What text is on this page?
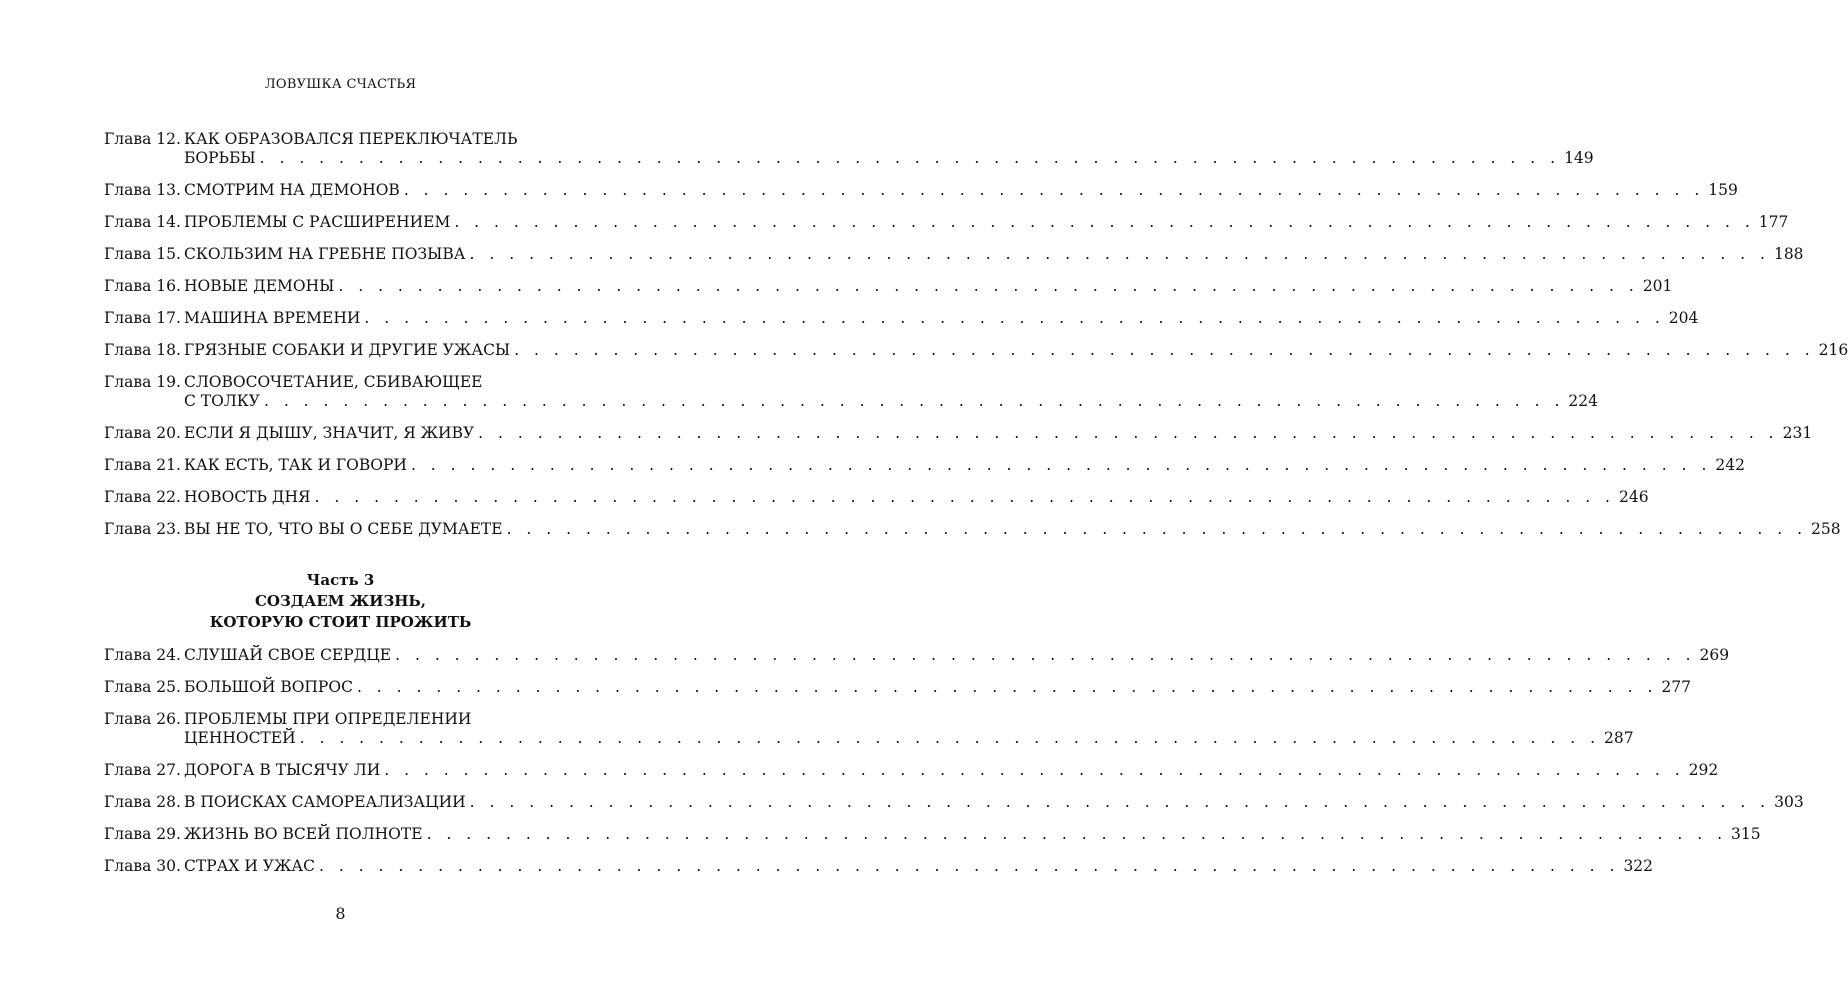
ЛОВУШКА СЧАСТЬЯ
Глава 12. КАК ОБРАЗОВАЛСЯ ПЕРЕКЛЮЧАТЕЛЬ
БОРЬБЫ . . . . . . . . . . . . . . . . . . . . . . . . . . . . . . . . . . . . . . . . . . . . . . . . . . . . . . . . . . . . . . . . . . 149
Глава 13. СМОТРИМ НА ДЕМОНОВ . . . . . . . . . . . . . . . . . . . . . . . . . . . . . . . . . . . . . . . . . . . . . . . . . . . . . . . . . . . . . . . . . . 159
Глава 14. ПРОБЛЕМЫ С РАСШИРЕНИЕМ . . . . . . . . . . . . . . . . . . . . . . . . . . . . . . . . . . . . . . . . . . . . . . . . . . . . . . . . . . . . . . . . . . 177
Глава 15. СКОЛЬЗИМ НА ГРЕБНЕ ПОЗЫВА . . . . . . . . . . . . . . . . . . . . . . . . . . . . . . . . . . . . . . . . . . . . . . . . . . . . . . . . . . . . . . . . . . 188
Глава 16. НОВЫЕ ДЕМОНЫ . . . . . . . . . . . . . . . . . . . . . . . . . . . . . . . . . . . . . . . . . . . . . . . . . . . . . . . . . . . . . . . . . . 201
Глава 17. МАШИНА ВРЕМЕНИ . . . . . . . . . . . . . . . . . . . . . . . . . . . . . . . . . . . . . . . . . . . . . . . . . . . . . . . . . . . . . . . . . . 204
Глава 18. ГРЯЗНЫЕ СОБАКИ И ДРУГИЕ УЖАСЫ . . . . . . . . . . . . . . . . . . . . . . . . . . . . . . . . . . . . . . . . . . . . . . . . . . . . . . . . . . . . . . . . . . 216
Глава 19. СЛОВОСОЧЕТАНИЕ, СБИВАЮЩЕЕ
С ТОЛКУ . . . . . . . . . . . . . . . . . . . . . . . . . . . . . . . . . . . . . . . . . . . . . . . . . . . . . . . . . . . . . . . . . . 224
Глава 20. ЕСЛИ Я ДЫШУ, ЗНАЧИТ, Я ЖИВУ . . . . . . . . . . . . . . . . . . . . . . . . . . . . . . . . . . . . . . . . . . . . . . . . . . . . . . . . . . . . . . . . . . 231
Глава 21. КАК ЕСТЬ, ТАК И ГОВОРИ . . . . . . . . . . . . . . . . . . . . . . . . . . . . . . . . . . . . . . . . . . . . . . . . . . . . . . . . . . . . . . . . . . 242
Глава 22. НОВОСТЬ ДНЯ . . . . . . . . . . . . . . . . . . . . . . . . . . . . . . . . . . . . . . . . . . . . . . . . . . . . . . . . . . . . . . . . . . 246
Глава 23. ВЫ НЕ ТО, ЧТО ВЫ О СЕБЕ ДУМАЕТЕ . . . . . . . . . . . . . . . . . . . . . . . . . . . . . . . . . . . . . . . . . . . . . . . . . . . . . . . . . . . . . . . . . . 258
Часть 3
СОЗДАЕМ ЖИЗНЬ,
КОТОРУЮ СТОИТ ПРОЖИТЬ
Глава 24. СЛУШАЙ СВОЕ СЕРДЦЕ . . . . . . . . . . . . . . . . . . . . . . . . . . . . . . . . . . . . . . . . . . . . . . . . . . . . . . . . . . . . . . . . . . 269
Глава 25. БОЛЬШОЙ ВОПРОС . . . . . . . . . . . . . . . . . . . . . . . . . . . . . . . . . . . . . . . . . . . . . . . . . . . . . . . . . . . . . . . . . . 277
Глава 26. ПРОБЛЕМЫ ПРИ ОПРЕДЕЛЕНИИ
ЦЕННОСТЕЙ . . . . . . . . . . . . . . . . . . . . . . . . . . . . . . . . . . . . . . . . . . . . . . . . . . . . . . . . . . . . . . . . . . 287
Глава 27. ДОРОГА В ТЫСЯЧУ ЛИ . . . . . . . . . . . . . . . . . . . . . . . . . . . . . . . . . . . . . . . . . . . . . . . . . . . . . . . . . . . . . . . . . . 292
Глава 28. В ПОИСКАХ САМОРЕАЛИЗАЦИИ . . . . . . . . . . . . . . . . . . . . . . . . . . . . . . . . . . . . . . . . . . . . . . . . . . . . . . . . . . . . . . . . . . 303
Глава 29. ЖИЗНЬ ВО ВСЕЙ ПОЛНОТЕ . . . . . . . . . . . . . . . . . . . . . . . . . . . . . . . . . . . . . . . . . . . . . . . . . . . . . . . . . . . . . . . . . . 315
Глава 30. СТРАХ И УЖАС . . . . . . . . . . . . . . . . . . . . . . . . . . . . . . . . . . . . . . . . . . . . . . . . . . . . . . . . . . . . . . . . . . 322
8
